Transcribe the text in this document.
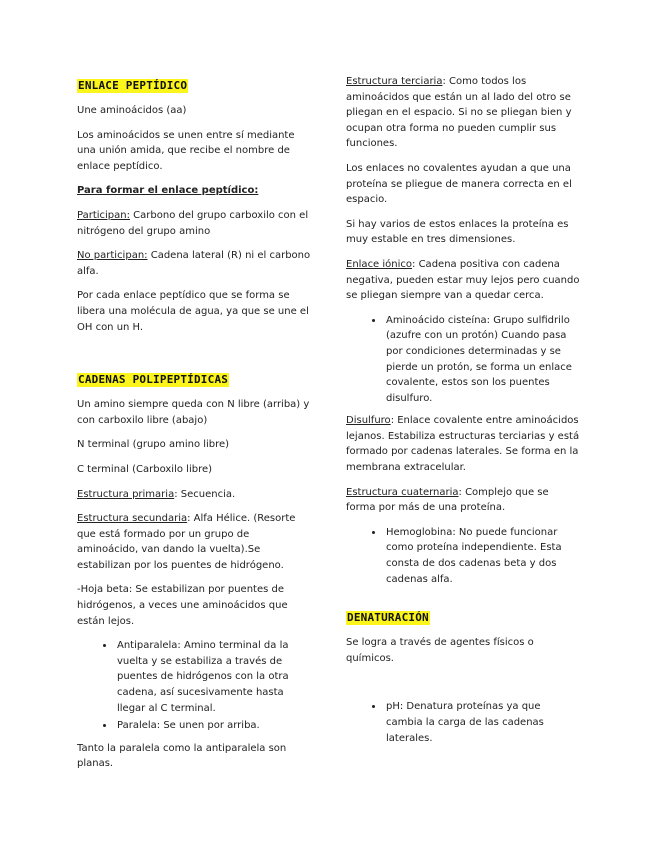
ENLACE PEPTÍDICO

Une aminoácidos (aa)

Los aminoácidos se unen entre sí mediante una unión amida, que recibe el nombre de enlace peptídico.

Para formar el enlace peptídico:

Participan: Carbono del grupo carboxilo con el nitrógeno del grupo amino

No participan: Cadena lateral (R) ni el carbono alfa.

Por cada enlace peptídico que se forma se libera una molécula de agua, ya que se une el OH con un H.

CADENAS POLIPEPTÍDICAS

Un amino siempre queda con N libre (arriba) y con carboxilo libre (abajo)

N terminal (grupo amino libre)

C terminal (Carboxilo libre)

Estructura primaria: Secuencia.

Estructura secundaria: Alfa Hélice. (Resorte que está formado por un grupo de aminoácido, van dando la vuelta).Se estabilizan por los puentes de hidrógeno.

-Hoja beta: Se estabilizan por puentes de hidrógenos, a veces une aminoácidos que están lejos.

• Antiparalela: Amino terminal da la vuelta y se estabiliza a través de puentes de hidrógenos con la otra cadena, así sucesivamente hasta llegar al C terminal.
• Paralela: Se unen por arriba.

Tanto la paralela como la antiparalela son planas.

Estructura terciaria: Como todos los aminoácidos que están un al lado del otro se pliegan en el espacio. Si no se pliegan bien y ocupan otra forma no pueden cumplir sus funciones.

Los enlaces no covalentes ayudan a que una proteína se pliegue de manera correcta en el espacio.

Si hay varios de estos enlaces la proteína es muy estable en tres dimensiones.

Enlace iónico: Cadena positiva con cadena negativa, pueden estar muy lejos pero cuando se pliegan siempre van a quedar cerca.

• Aminoácido cisteína: Grupo sulfidrilo (azufre con un protón) Cuando pasa por condiciones determinadas y se pierde un protón, se forma un enlace covalente, estos son los puentes disulfuro.

Disulfuro: Enlace covalente entre aminoácidos lejanos. Estabiliza estructuras terciarias y está formado por cadenas laterales. Se forma en la membrana extracelular.

Estructura cuaternaria: Complejo que se forma por más de una proteína.

• Hemoglobina: No puede funcionar como proteína independiente. Esta consta de dos cadenas beta y dos cadenas alfa.
DENATURACIÓN

Se logra a través de agentes físicos o químicos.

• pH: Denatura proteínas ya que cambia la carga de las cadenas laterales.
